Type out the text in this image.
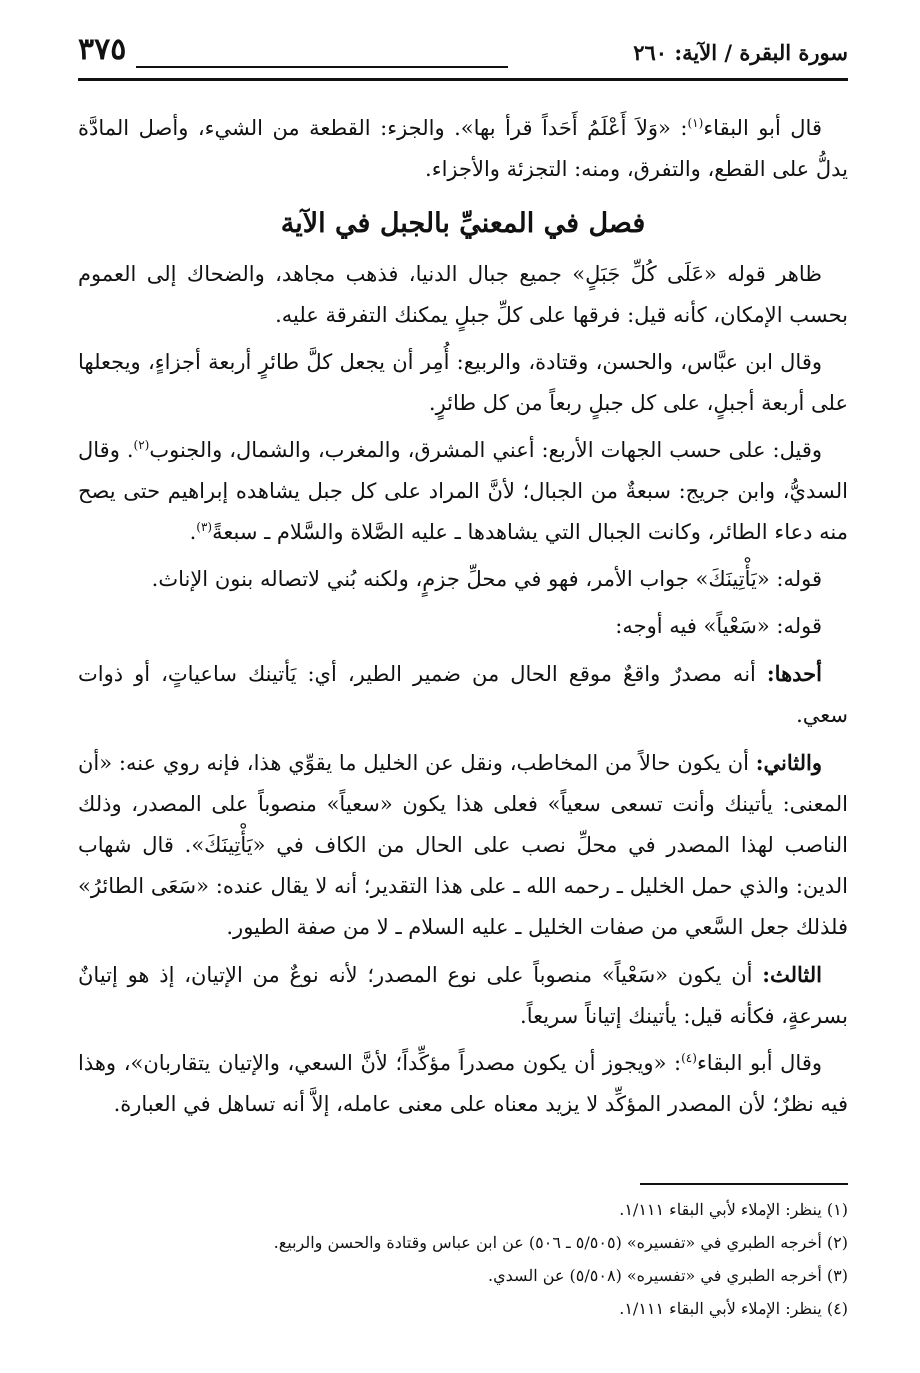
سورة البقرة / الآية: ٢٦٠
٣٧٥

قال أبو البقاء$^{(١)}$: «وَلاَ أَعْلَمُ أَحَداً قرأ بها». والجزء: القطعة من الشيء، وأصل المادَّة يدلُّ على القطع، والتفرق، ومنه: التجزئة والأجزاء.

فصل في المعنيِّ بالجبل في الآية

ظاهر قوله «عَلَى كُلِّ جَبَلٍ» جميع جبال الدنيا، فذهب مجاهد، والضحاك إلى العموم بحسب الإمكان، كأنه قيل: فرقها على كلِّ جبلٍ يمكنك التفرقة عليه.

وقال ابن عبَّاس، والحسن، وقتادة، والربيع: أُمِر أن يجعل كلَّ طائرٍ أربعة أجزاءٍ، ويجعلها على أربعة أجبلٍ، على كل جبلٍ ربعاً من كل طائرٍ.

وقيل: على حسب الجهات الأربع: أعني المشرق، والمغرب، والشمال، والجنوب$^{(٢)}$. وقال السديُّ، وابن جريج: سبعةٌ من الجبال؛ لأنَّ المراد على كل جبل يشاهده إبراهيم حتى يصح منه دعاء الطائر، وكانت الجبال التي يشاهدها ـ عليه الصَّلاة والسَّلام ـ سبعةً$^{(٣)}$.

قوله: «يَأْتِينَكَ» جواب الأمر، فهو في محلِّ جزمٍ، ولكنه بُني لاتصاله بنون الإناث.

قوله: «سَعْياً» فيه أوجه:

أحدها: أنه مصدرٌ واقعٌ موقع الحال من ضمير الطير، أي: يَأتينك ساعياتٍ، أو ذوات سعي.

والثاني: أن يكون حالاً من المخاطب، ونقل عن الخليل ما يقوِّي هذا، فإنه روي عنه: «أن المعنى: يأتينك وأنت تسعى سعياً» فعلى هذا يكون «سعياً» منصوباً على المصدر، وذلك الناصب لهذا المصدر في محلِّ نصب على الحال من الكاف في «يَأْتِينَكَ». قال شهاب الدين: والذي حمل الخليل ـ رحمه الله ـ على هذا التقدير؛ أنه لا يقال عنده: «سَعَى الطائرُ» فلذلك جعل السَّعي من صفات الخليل ـ عليه السلام ـ لا من صفة الطيور.

الثالث: أن يكون «سَعْياً» منصوباً على نوع المصدر؛ لأنه نوعٌ من الإتيان، إذ هو إتيانٌ بسرعةٍ، فكأنه قيل: يأتينك إتياناً سريعاً.

وقال أبو البقاء$^{(٤)}$: «ويجوز أن يكون مصدراً مؤكِّداً؛ لأنَّ السعي، والإتيان يتقاربان»، وهذا فيه نظرٌ؛ لأن المصدر المؤكِّد لا يزيد معناه على معنى عامله، إلاَّ أنه تساهل في العبارة.

(١) ينظر: الإملاء لأبي البقاء ١/١١١.
(٢) أخرجه الطبري في «تفسيره» (٥/٥٠٥ ـ ٥٠٦) عن ابن عباس وقتادة والحسن والربيع.
(٣) أخرجه الطبري في «تفسيره» (٥/٥٠٨) عن السدي.
(٤) ينظر: الإملاء لأبي البقاء ١/١١١.
